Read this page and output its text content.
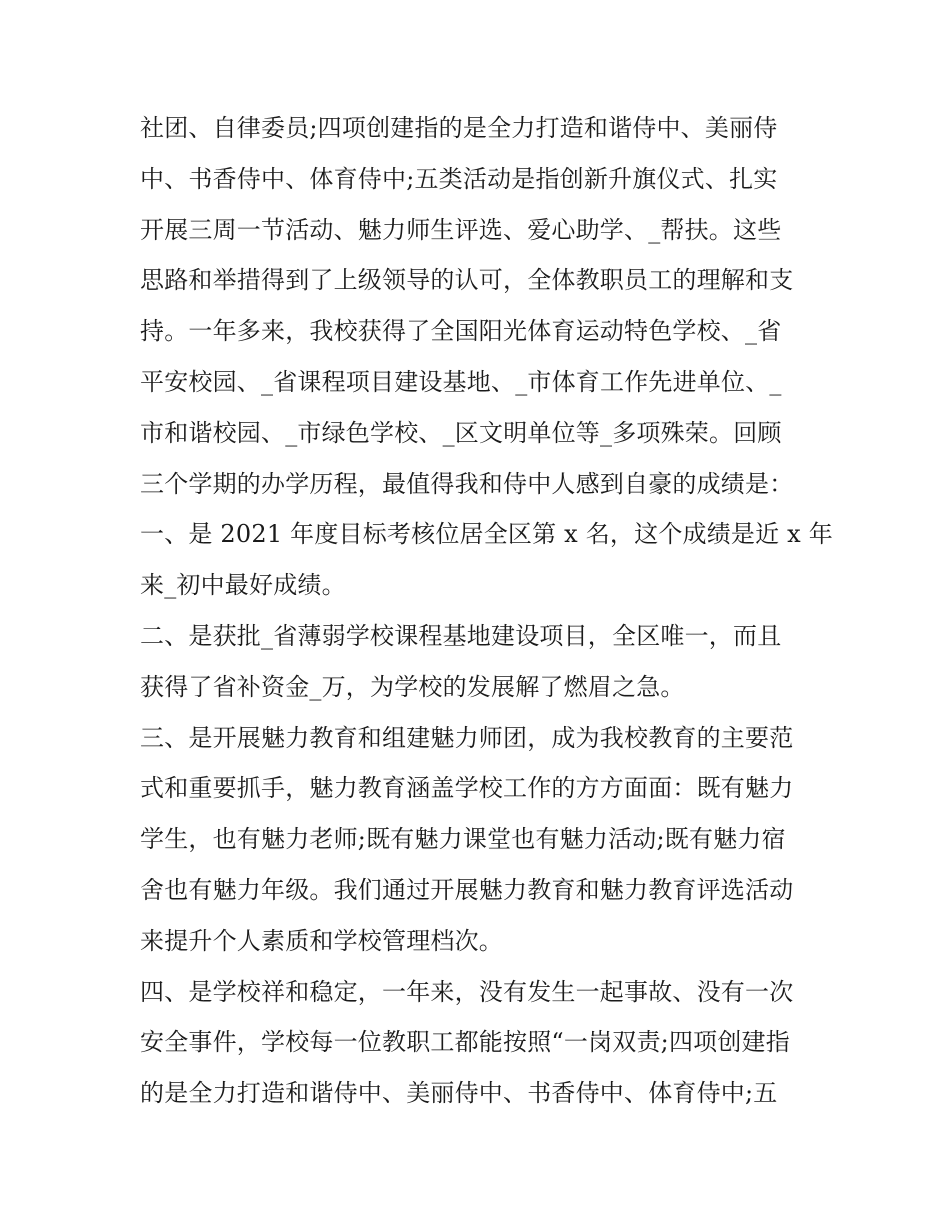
社团、自律委员;四项创建指的是全力打造和谐侍中、美丽侍
中、书香侍中、体育侍中;五类活动是指创新升旗仪式、扎实
开展三周一节活动、魅力师生评选、爱心助学、_帮扶。这些
思路和举措得到了上级领导的认可，全体教职员工的理解和支
持。一年多来，我校获得了全国阳光体育运动特色学校、_省
平安校园、_省课程项目建设基地、_市体育工作先进单位、_
市和谐校园、_市绿色学校、_区文明单位等_多项殊荣。回顾
三个学期的办学历程，最值得我和侍中人感到自豪的成绩是：
一、是 2021 年度目标考核位居全区第 x 名，这个成绩是近 x 年
来_初中最好成绩。
二、是获批_省薄弱学校课程基地建设项目，全区唯一，而且
获得了省补资金_万，为学校的发展解了燃眉之急。
三、是开展魅力教育和组建魅力师团，成为我校教育的主要范
式和重要抓手，魅力教育涵盖学校工作的方方面面：既有魅力
学生，也有魅力老师;既有魅力课堂也有魅力活动;既有魅力宿
舍也有魅力年级。我们通过开展魅力教育和魅力教育评选活动
来提升个人素质和学校管理档次。
四、是学校祥和稳定，一年来，没有发生一起事故、没有一次
安全事件，学校每一位教职工都能按照“一岗双责;四项创建指
的是全力打造和谐侍中、美丽侍中、书香侍中、体育侍中;五
